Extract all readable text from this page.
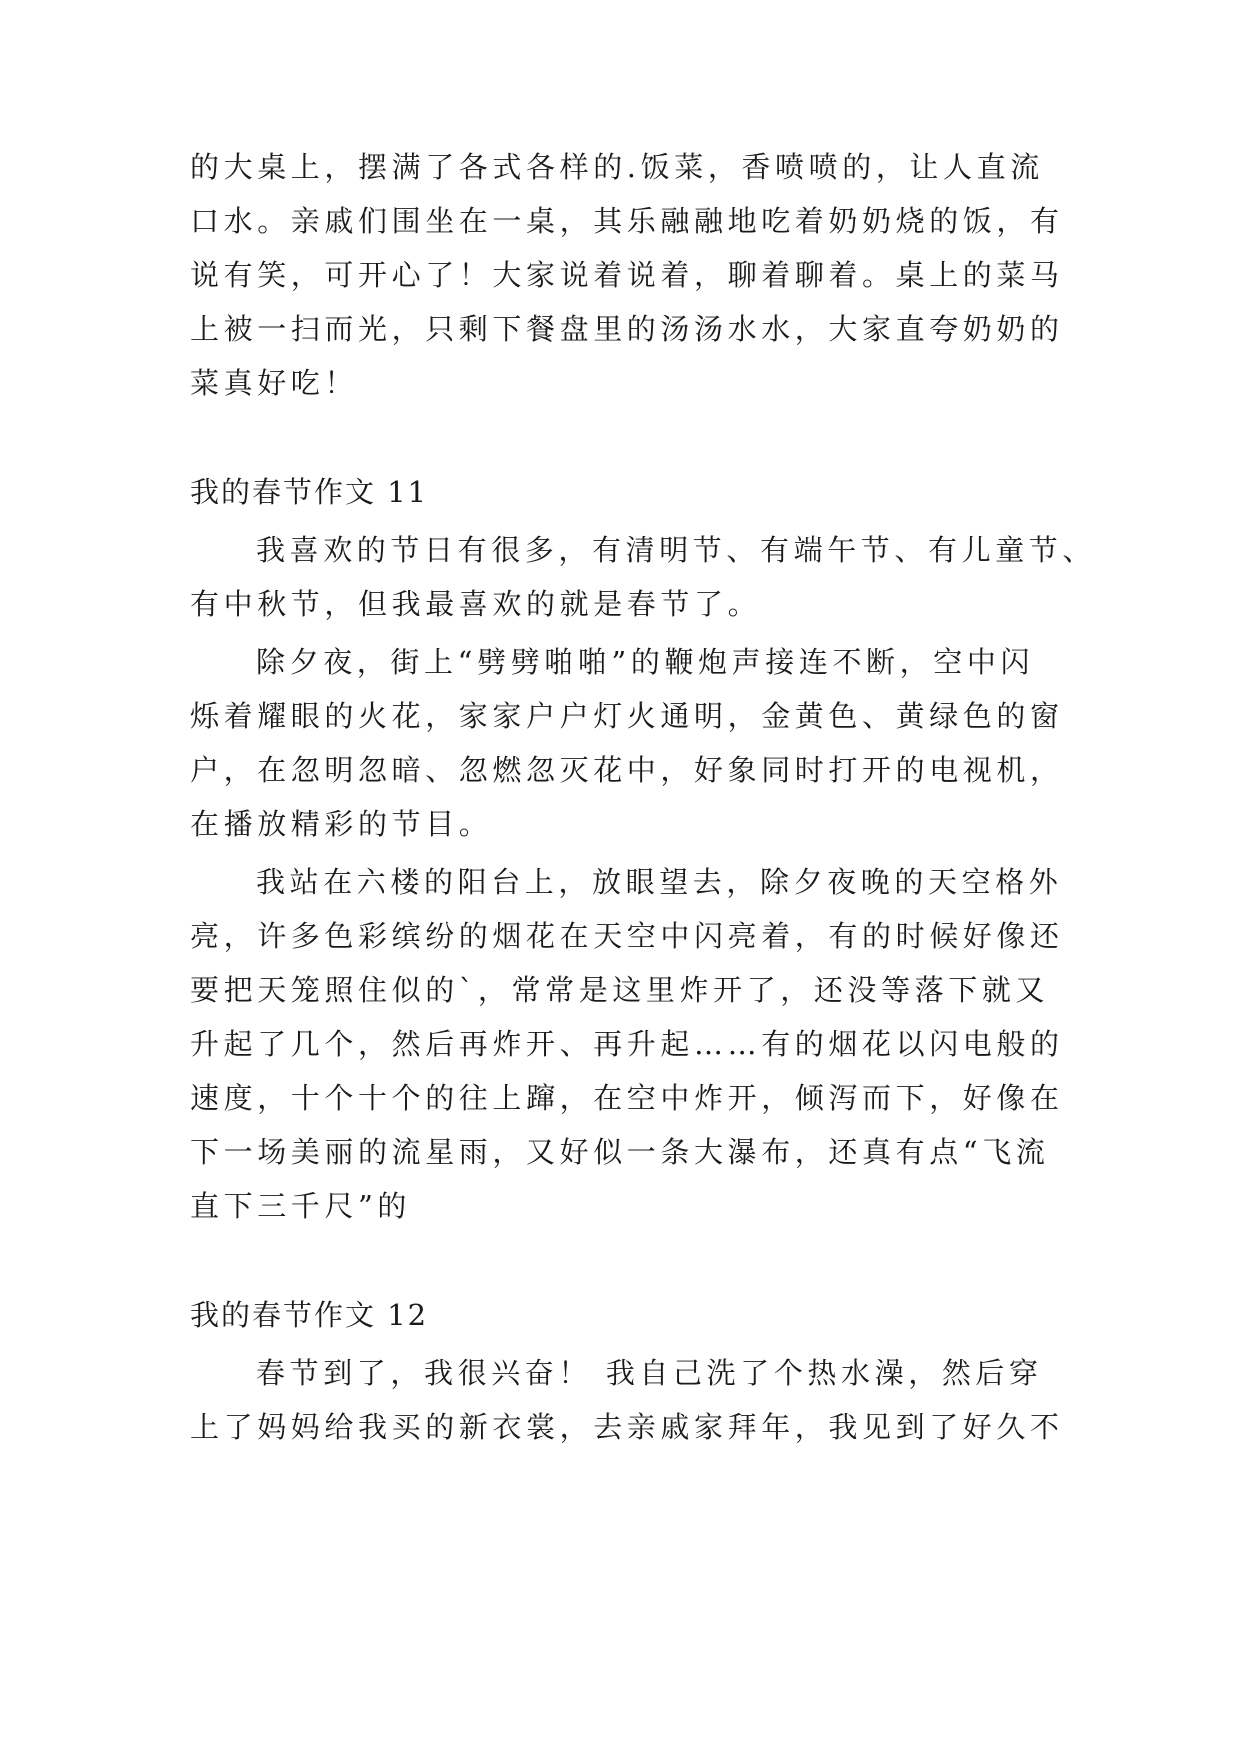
的大桌上，摆满了各式各样的.饭菜，香喷喷的，让人直流
口水。亲戚们围坐在一桌，其乐融融地吃着奶奶烧的饭，有
说有笑，可开心了！大家说着说着，聊着聊着。桌上的菜马
上被一扫而光，只剩下餐盘里的汤汤水水，大家直夸奶奶的
菜真好吃！
我的春节作文 11
我喜欢的节日有很多，有清明节、有端午节、有儿童节、
有中秋节，但我最喜欢的就是春节了。
除夕夜，街上“劈劈啪啪”的鞭炮声接连不断，空中闪
烁着耀眼的火花，家家户户灯火通明，金黄色、黄绿色的窗
户，在忽明忽暗、忽燃忽灭花中，好象同时打开的电视机，
在播放精彩的节目。
我站在六楼的阳台上，放眼望去，除夕夜晚的天空格外
亮，许多色彩缤纷的烟花在天空中闪亮着，有的时候好像还
要把天笼照住似的`，常常是这里炸开了，还没等落下就又
升起了几个，然后再炸开、再升起……有的烟花以闪电般的
速度，十个十个的往上蹿，在空中炸开，倾泻而下，好像在
下一场美丽的流星雨，又好似一条大瀑布，还真有点“飞流
直下三千尺”的
我的春节作文 12
春节到了，我很兴奋！ 我自己洗了个热水澡，然后穿
上了妈妈给我买的新衣裳，去亲戚家拜年，我见到了好久不
